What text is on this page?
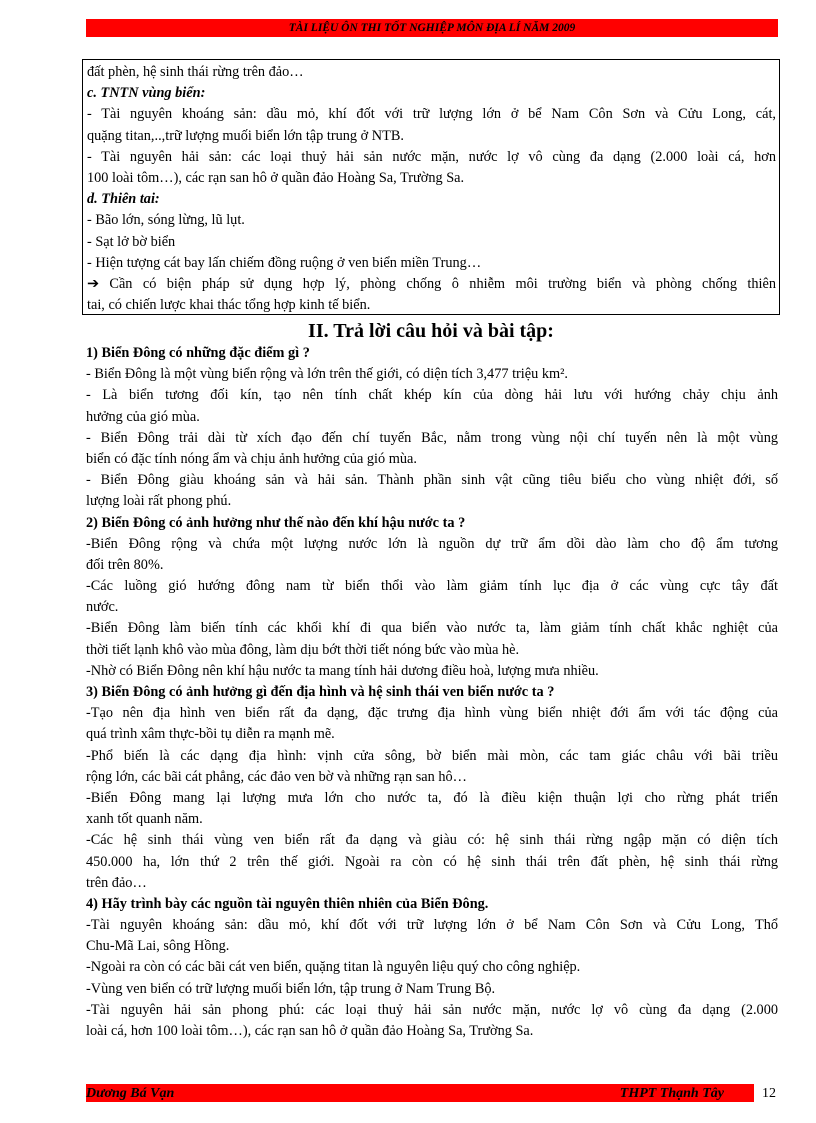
TÀI LIỆU ÔN THI TỐT NGHIỆP MÔN ĐỊA LÍ NĂM 2009
đất phèn, hệ sinh thái rừng trên đảo…
c. TNTN vùng biển:
- Tài nguyên khoáng sản: dầu mỏ, khí đốt với trữ lượng lớn ở bể Nam Côn Sơn và Cửu Long, cát,
quặng titan,..,trữ lượng muối biển lớn tập trung ở NTB.
- Tài nguyên hải sản: các loại thuỷ hải sản nước mặn, nước lợ vô cùng đa dạng (2.000 loài cá, hơn
100 loài tôm…), các rạn san hô ở quần đảo Hoàng Sa, Trường Sa.
d. Thiên tai:
- Bão lớn, sóng lừng, lũ lụt.
- Sạt lở bờ biển
- Hiện tượng cát bay lấn chiếm đồng ruộng ở ven biển miền Trung…
➔ Cần có biện pháp sử dụng hợp lý, phòng chống ô nhiễm môi trường biển và phòng chống thiên
tai, có chiến lược khai thác tổng hợp kinh tế biển.
II. Trả lời câu hỏi và bài tập:
1) Biển Đông có những đặc điểm gì ?
- Biển Đông là một vùng biển rộng và lớn trên thế giới, có diện tích 3,477 triệu km².
- Là biển tương đối kín, tạo nên tính chất khép kín của dòng hải lưu với hướng chảy chịu ảnh
hưởng của gió mùa.
- Biển Đông trải dài từ xích đạo đến chí tuyến Bắc, nằm trong vùng nội chí tuyến nên là một vùng
biển có đặc tính nóng ẩm và chịu ảnh hưởng của gió mùa.
- Biển Đông giàu khoáng sản và hải sản. Thành phần sinh vật cũng tiêu biểu cho vùng nhiệt đới, số
lượng loài rất phong phú.
2) Biển Đông có ảnh hưởng như thế nào đến khí hậu nước ta ?
-Biển Đông rộng và chứa một lượng nước lớn là nguồn dự trữ ẩm dồi dào làm cho độ ẩm tương
đối trên 80%.
-Các luồng gió hướng đông nam từ biển thổi vào làm giảm tính lục địa ở các vùng cực tây đất
nước.
-Biển Đông làm biến tính các khối khí đi qua biển vào nước ta, làm giảm tính chất khắc nghiệt của
thời tiết lạnh khô vào mùa đông, làm dịu bớt thời tiết nóng bức vào mùa hè.
-Nhờ có Biển Đông nên khí hậu nước ta mang tính hải dương điều hoà, lượng mưa nhiều.
3) Biển Đông có ảnh hưởng gì đến địa hình và hệ sinh thái ven biển nước ta ?
-Tạo nên địa hình ven biển rất đa dạng, đặc trưng địa hình vùng biển nhiệt đới ẩm với tác động của
quá trình xâm thực-bồi tụ diễn ra mạnh mẽ.
-Phổ biến là các dạng địa hình: vịnh cửa sông, bờ biển mài mòn, các tam giác châu với bãi triều
rộng lớn, các bãi cát phẳng, các đảo ven bờ và những rạn san hô…
-Biển Đông mang lại lượng mưa lớn cho nước ta, đó là điều kiện thuận lợi cho rừng phát triển
xanh tốt quanh năm.
-Các hệ sinh thái vùng ven biển rất đa dạng và giàu có: hệ sinh thái rừng ngập mặn có diện tích
450.000 ha, lớn thứ 2 trên thế giới. Ngoài ra còn có hệ sinh thái trên đất phèn, hệ sinh thái rừng
trên đảo…
4) Hãy trình bày các nguồn tài nguyên thiên nhiên của Biển Đông.
-Tài nguyên khoáng sản: dầu mỏ, khí đốt với trữ lượng lớn ở bể Nam Côn Sơn và Cửu Long, Thổ
Chu-Mã Lai, sông Hồng.
-Ngoài ra còn có các bãi cát ven biển, quặng titan là nguyên liệu quý cho công nghiệp.
-Vùng ven biển có trữ lượng muối biển lớn, tập trung ở Nam Trung Bộ.
-Tài nguyên hải sản phong phú: các loại thuỷ hải sản nước mặn, nước lợ vô cùng đa dạng (2.000
loài cá, hơn 100 loài tôm…), các rạn san hô ở quần đảo Hoàng Sa, Trường Sa.
Dương Bá Vạn	THPT Thạnh Tây	12
